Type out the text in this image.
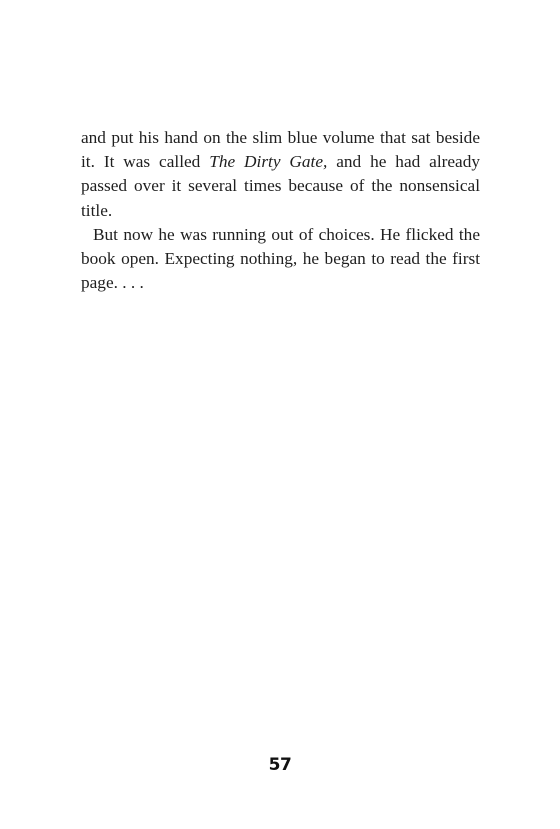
and put his hand on the slim blue volume that sat beside it. It was called The Dirty Gate, and he had already passed over it several times because of the nonsensical title.

But now he was running out of choices. He flicked the book open. Expecting nothing, he began to read the first page. . . .

57
